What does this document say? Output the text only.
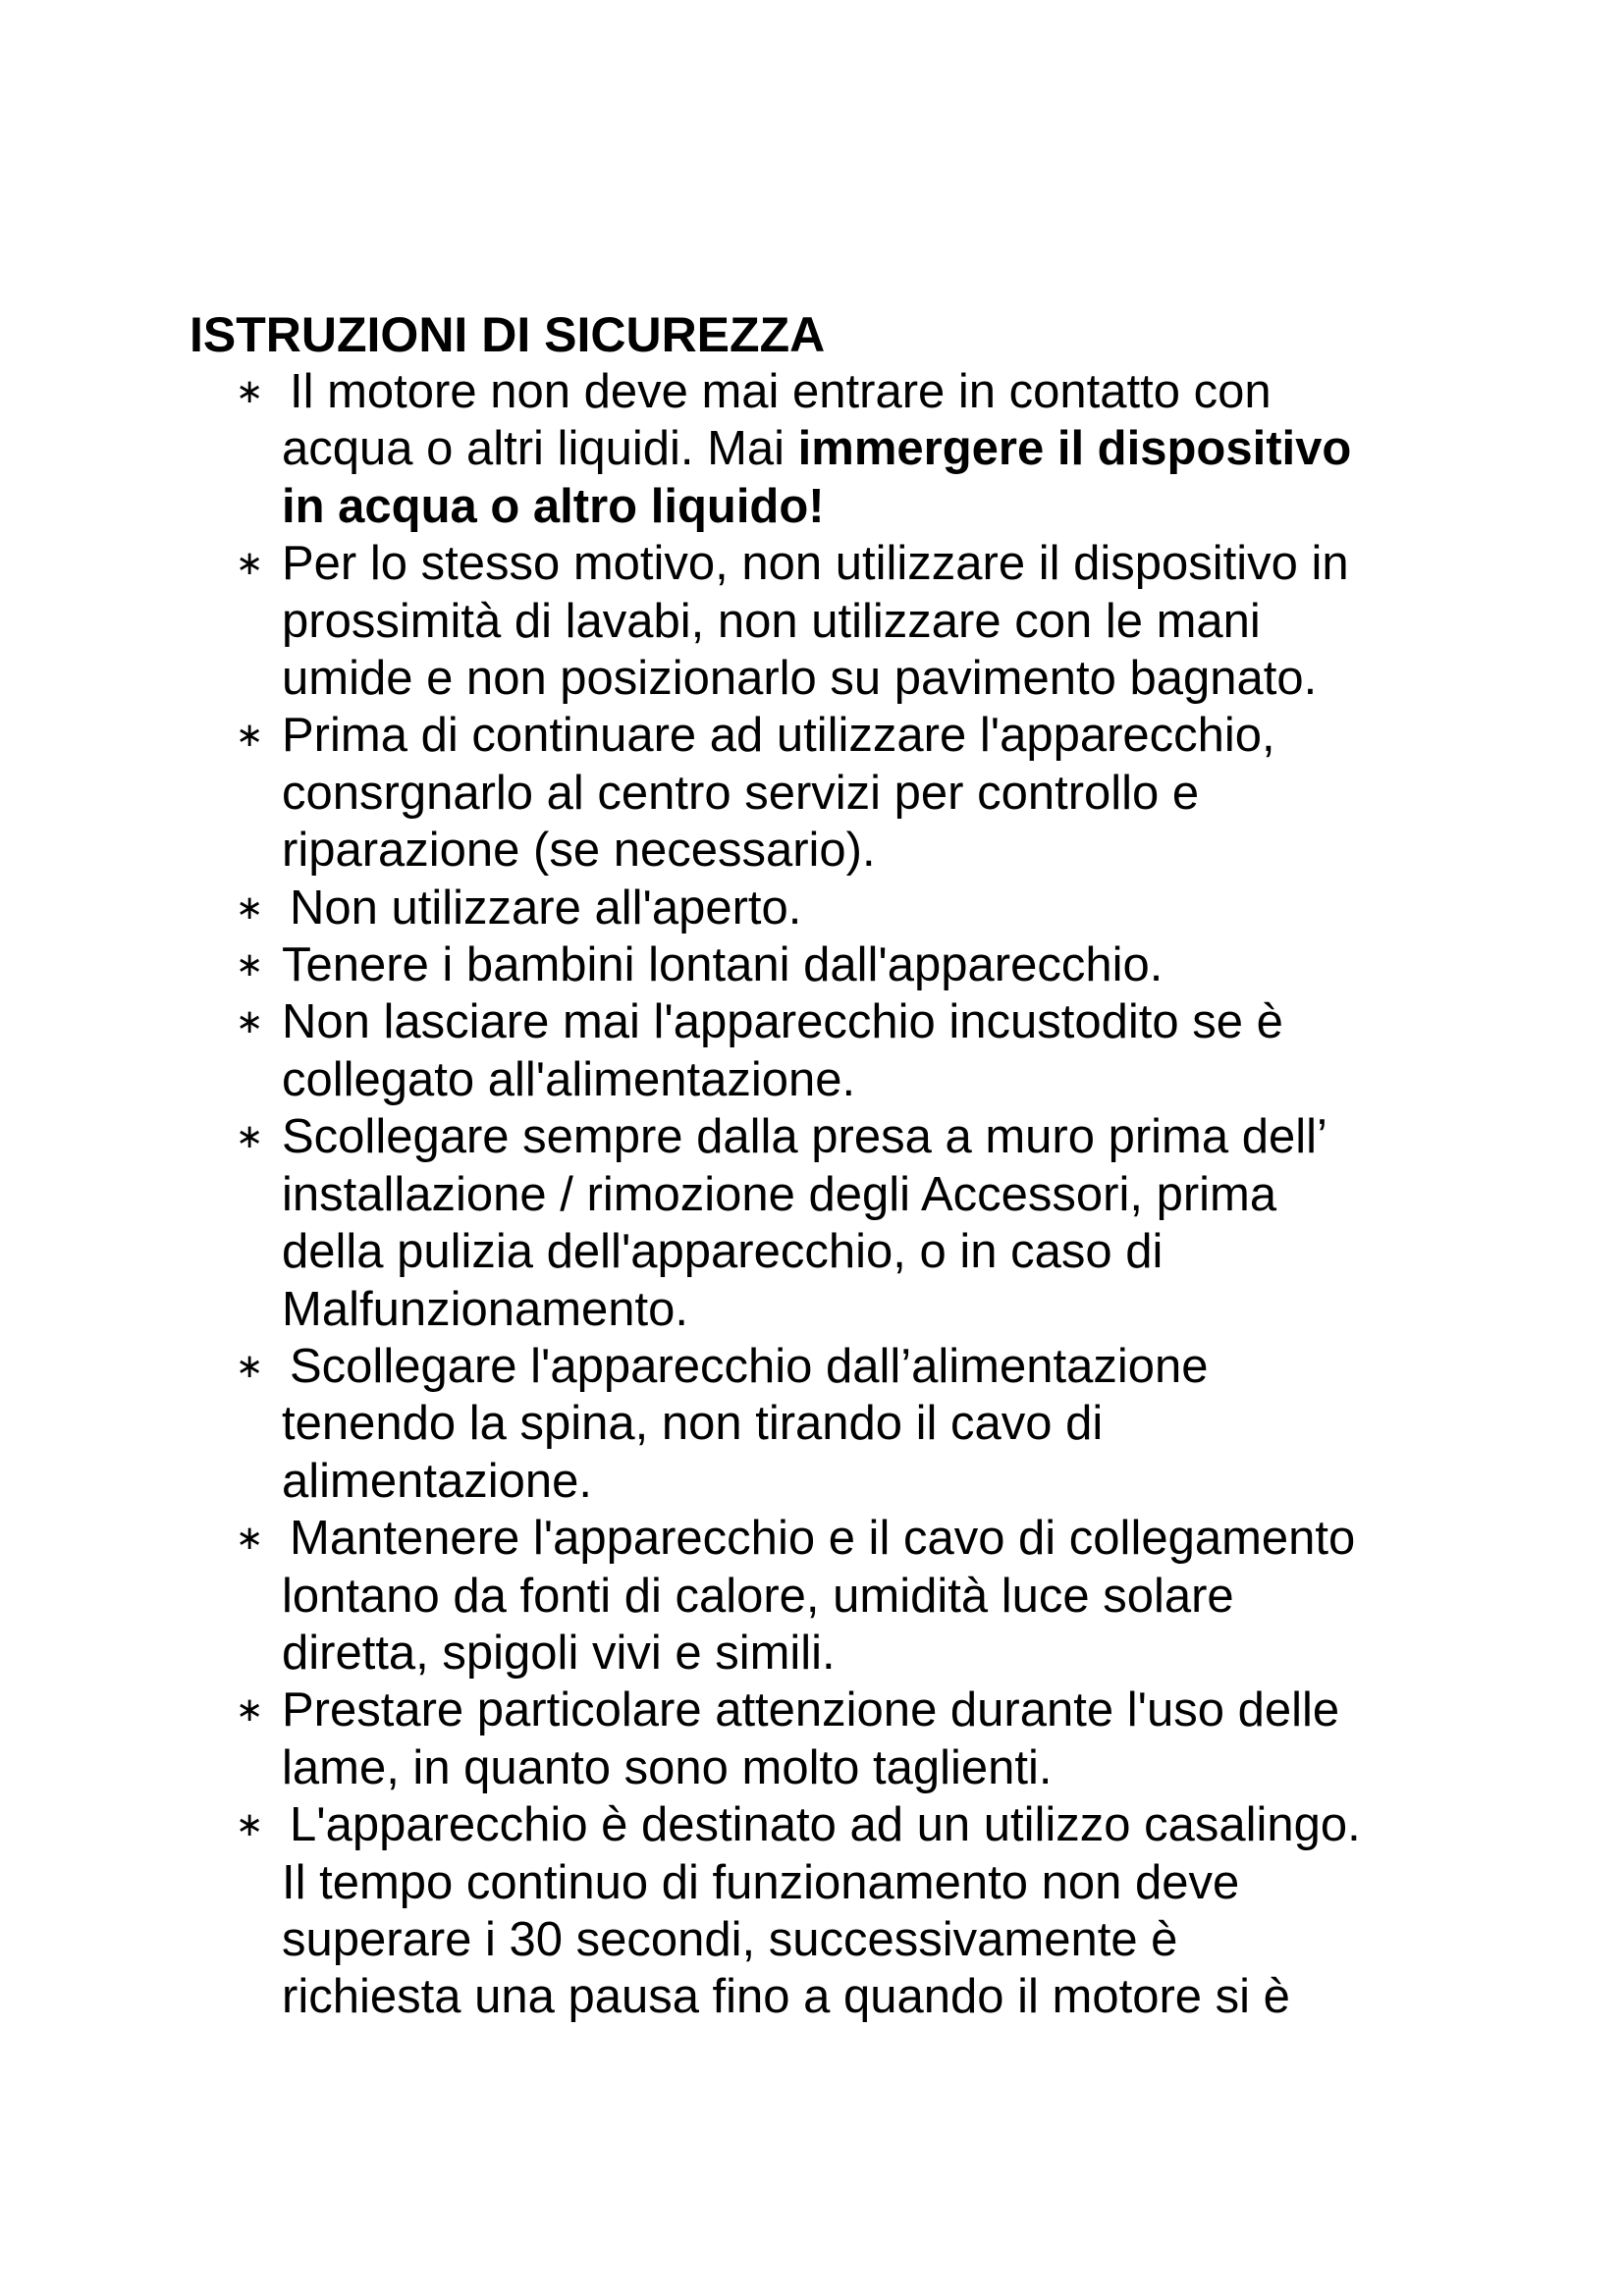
ISTRUZIONI DI SICUREZZA
∗ Il motore non deve mai entrare in contatto con
acqua o altri liquidi. Mai immergere il dispositivo
in acqua o altro liquido!
∗ Per lo stesso motivo, non utilizzare il dispositivo in
prossimità di lavabi, non utilizzare con le mani
umide e non posizionarlo su pavimento bagnato.
∗ Prima di continuare ad utilizzare l'apparecchio,
consrgnarlo al centro servizi per controllo e
riparazione (se necessario).
∗ Non utilizzare all'aperto.
∗ Tenere i bambini lontani dall'apparecchio.
∗ Non lasciare mai l'apparecchio incustodito se è
collegato all'alimentazione.
∗ Scollegare sempre dalla presa a muro prima dell’
installazione / rimozione degli Accessori, prima
della pulizia dell'apparecchio, o in caso di
Malfunzionamento.
∗ Scollegare l'apparecchio dall’alimentazione
tenendo la spina, non tirando il cavo di
alimentazione.
∗ Mantenere l'apparecchio e il cavo di collegamento
lontano da fonti di calore, umidità luce solare
diretta, spigoli vivi e simili.
∗ Prestare particolare attenzione durante l'uso delle
lame, in quanto sono molto taglienti.
∗ L'apparecchio è destinato ad un utilizzo casalingo.
Il tempo continuo di funzionamento non deve
superare i 30 secondi, successivamente è
richiesta una pausa fino a quando il motore si è
